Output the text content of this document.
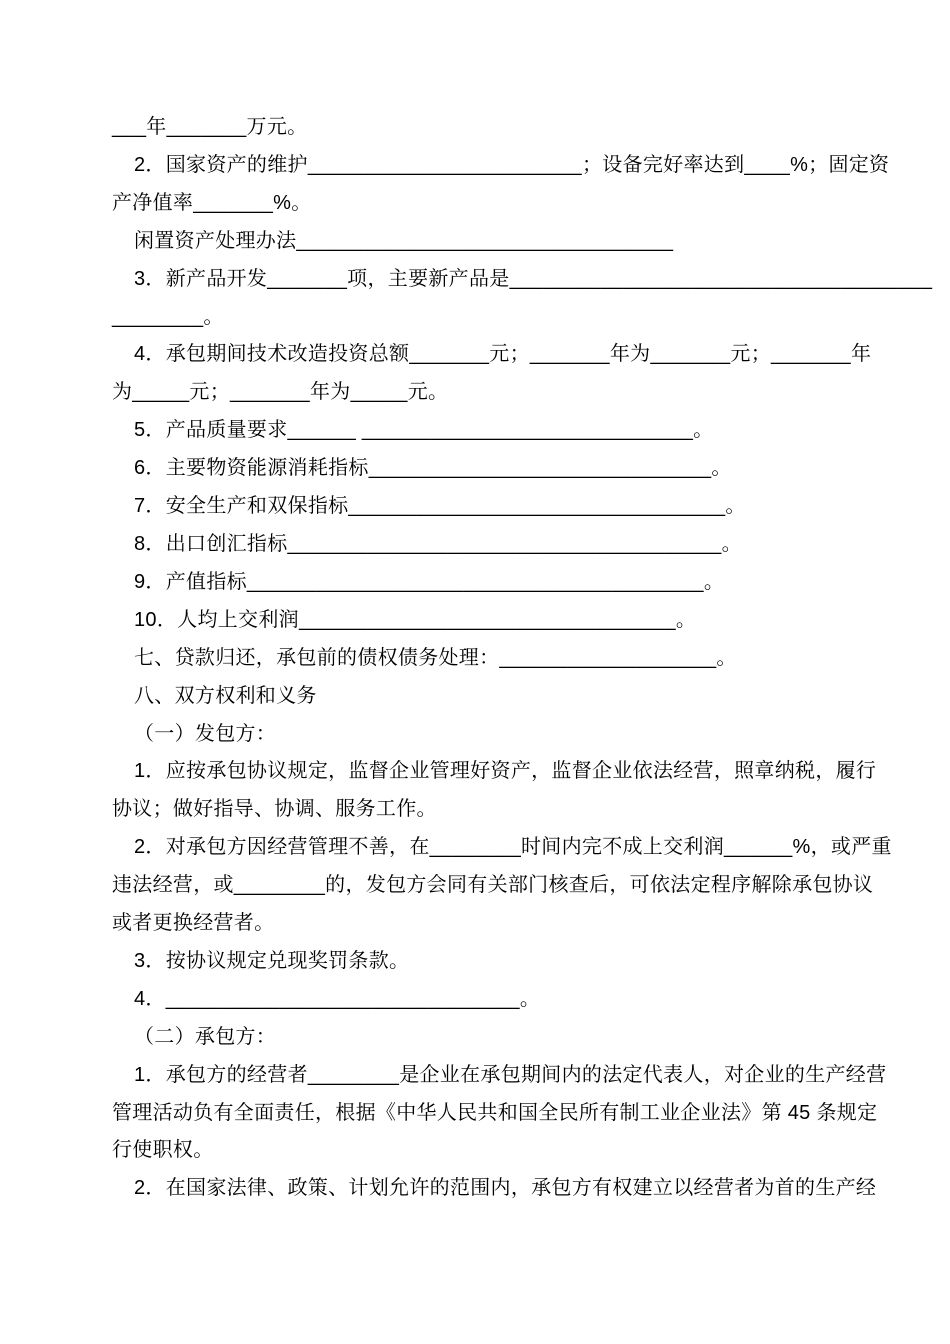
___年_______万元。
2．国家资产的维护________________________；设备完好率达到____%；固定资
产净值率_______%。
闲置资产处理办法_________________________________
3．新产品开发_______项，主要新产品是_____________________________________
________。
4．承包期间技术改造投资总额_______元；_______年为_______元；_______年
为_____元；_______年为_____元。
5．产品质量要求______ _____________________________。
6．主要物资能源消耗指标______________________________。
7．安全生产和双保指标_________________________________。
8．出口创汇指标______________________________________。
9．产值指标________________________________________。
10．人均上交利润_________________________________。
七、贷款归还，承包前的债权债务处理：___________________。
八、双方权利和义务
（一）发包方：
1．应按承包协议规定，监督企业管理好资产，监督企业依法经营，照章纳税，履行
协议；做好指导、协调、服务工作。
2．对承包方因经营管理不善，在________时间内完不成上交利润______%，或严重
违法经营，或________的，发包方会同有关部门核查后，可依法定程序解除承包协议
或者更换经营者。
3．按协议规定兑现奖罚条款。
4．_______________________________。
（二）承包方：
1．承包方的经营者________是企业在承包期间内的法定代表人，对企业的生产经营
管理活动负有全面责任，根据《中华人民共和国全民所有制工业企业法》第 45 条规定
行使职权。
2．在国家法律、政策、计划允许的范围内，承包方有权建立以经营者为首的生产经
